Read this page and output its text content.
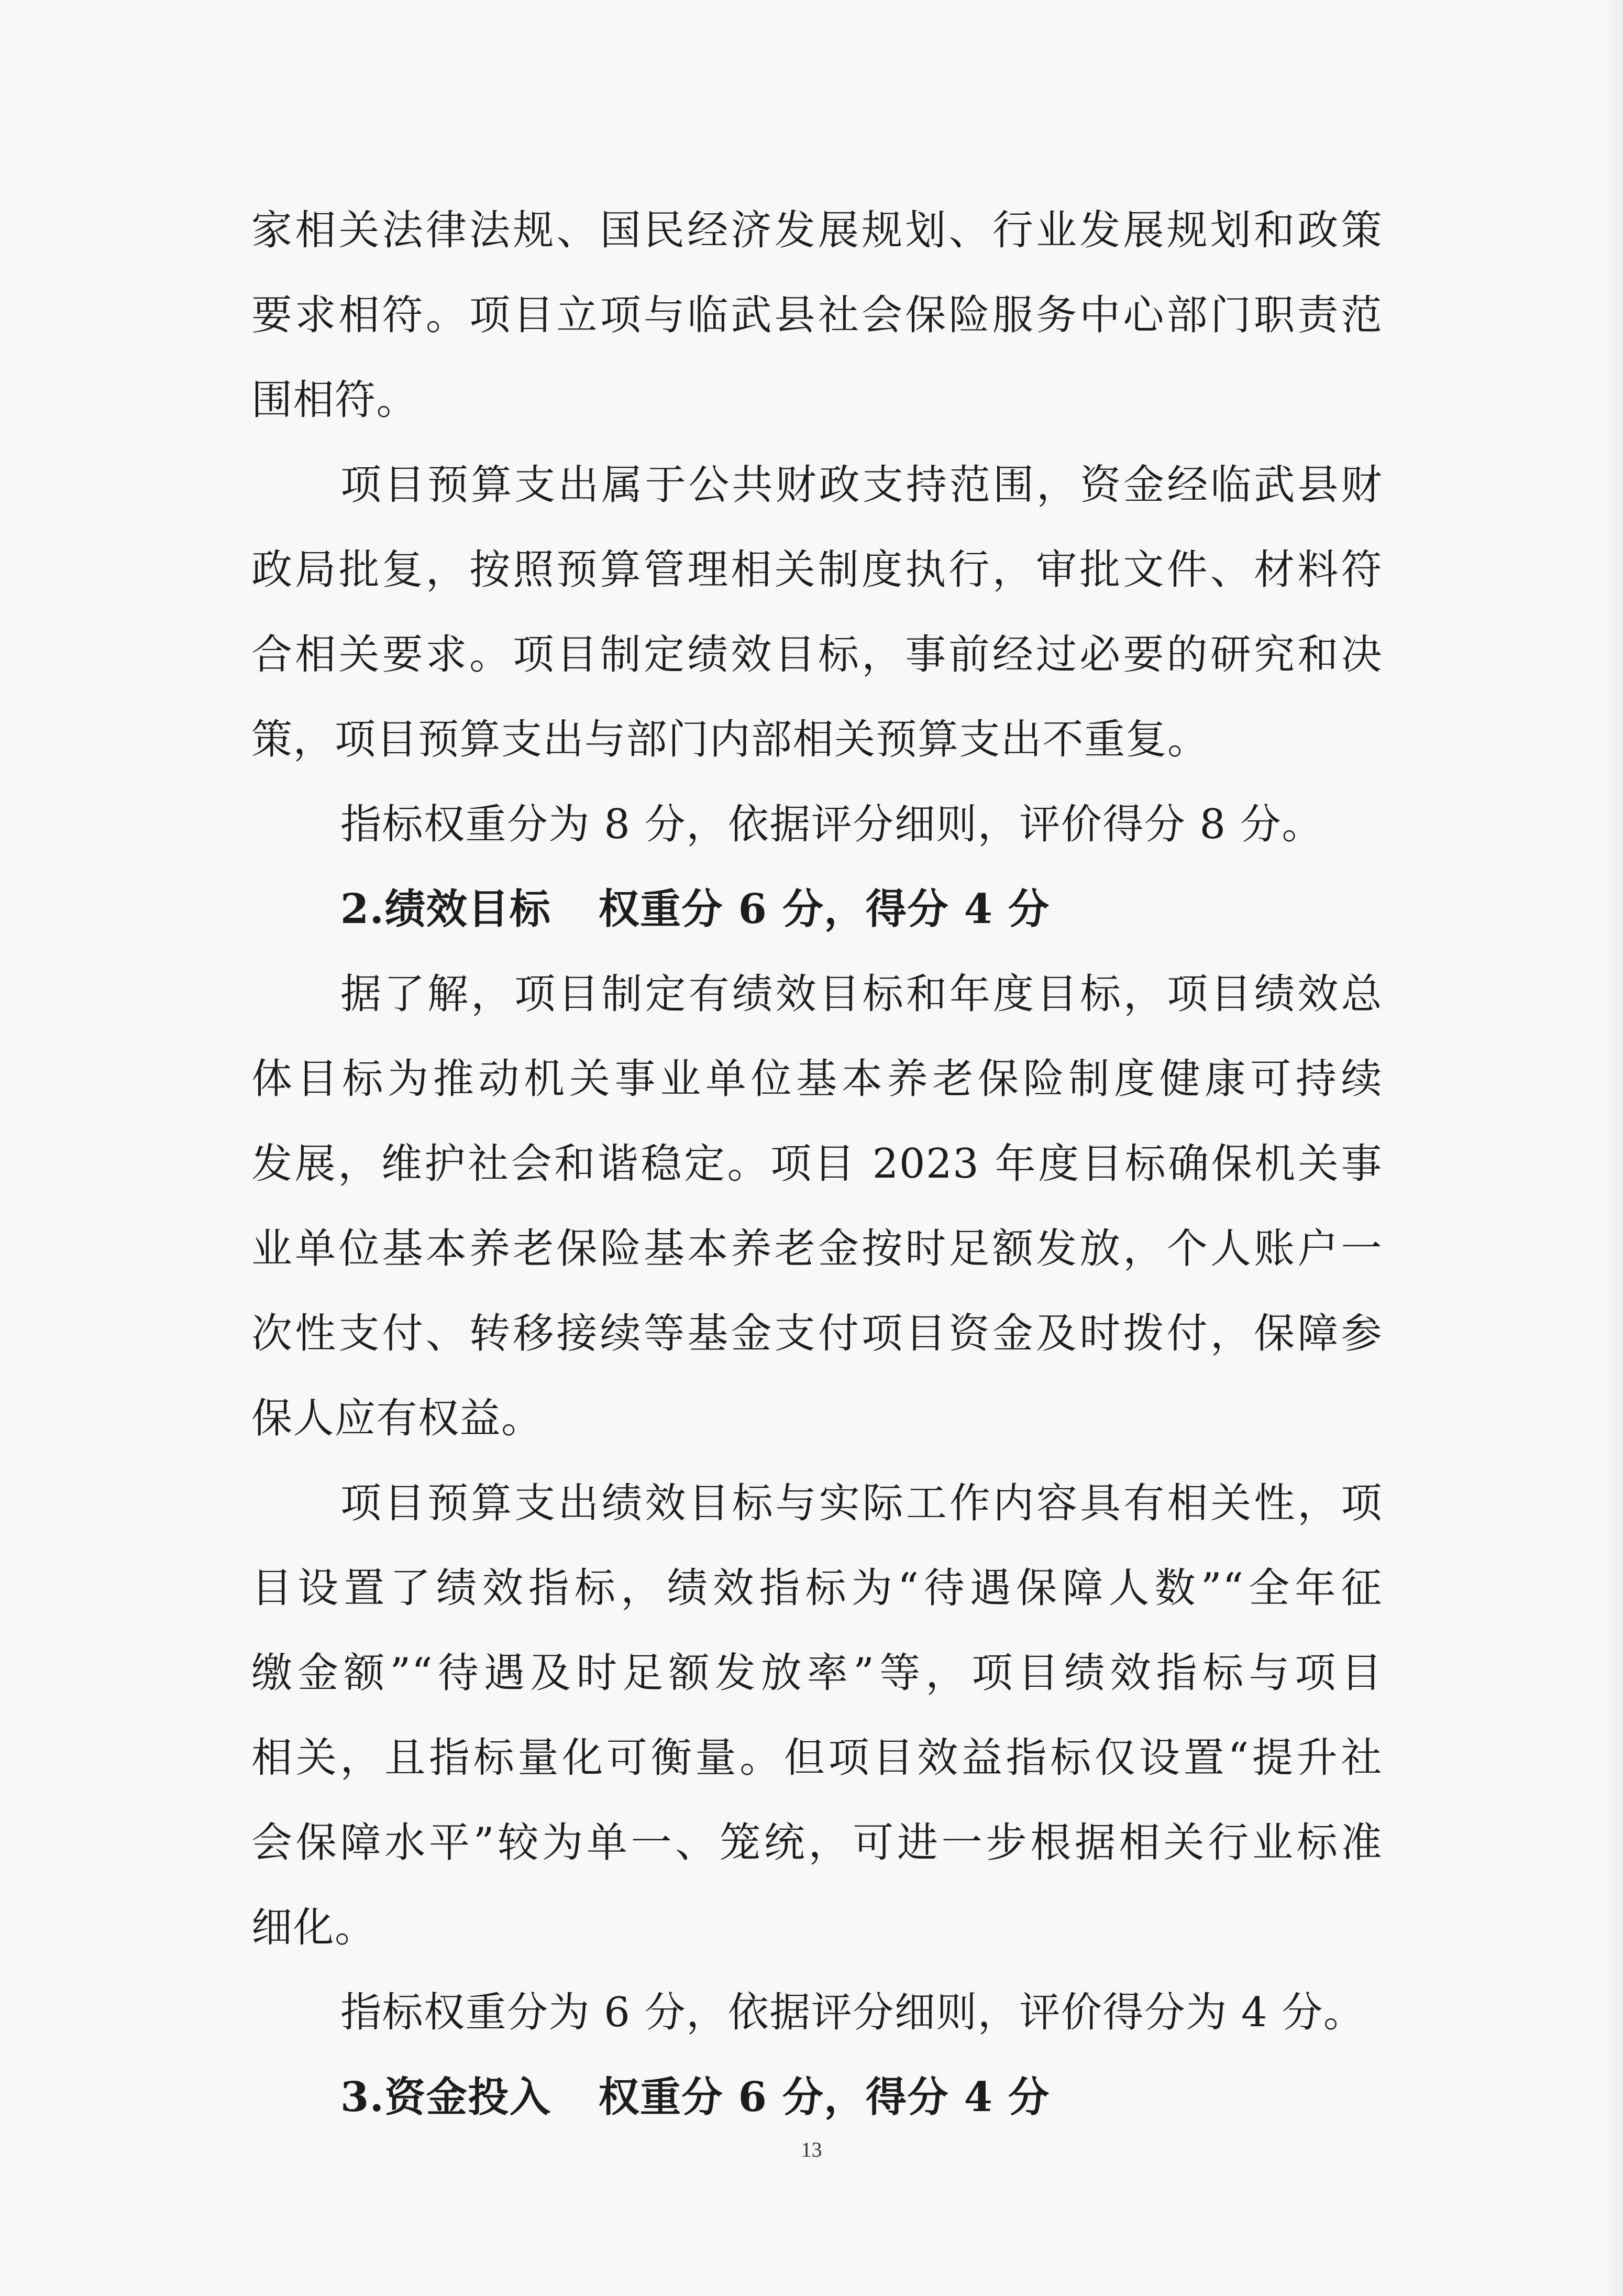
家相关法律法规、国民经济发展规划、行业发展规划和政策
要求相符。项目立项与临武县社会保险服务中心部门职责范
围相符。
项目预算支出属于公共财政支持范围，资金经临武县财
政局批复，按照预算管理相关制度执行，审批文件、材料符
合相关要求。项目制定绩效目标，事前经过必要的研究和决
策，项目预算支出与部门内部相关预算支出不重复。
指标权重分为 8 分，依据评分细则，评价得分 8 分。
2.绩效目标 权重分 6 分，得分 4 分
据了解，项目制定有绩效目标和年度目标，项目绩效总
体目标为推动机关事业单位基本养老保险制度健康可持续
发展，维护社会和谐稳定。项目 2023 年度目标确保机关事
业单位基本养老保险基本养老金按时足额发放，个人账户一
次性支付、转移接续等基金支付项目资金及时拨付，保障参
保人应有权益。
项目预算支出绩效目标与实际工作内容具有相关性，项
目设置了绩效指标，绩效指标为“待遇保障人数”“全年征
缴金额”“待遇及时足额发放率”等，项目绩效指标与项目
相关，且指标量化可衡量。但项目效益指标仅设置“提升社
会保障水平”较为单一、笼统，可进一步根据相关行业标准
细化。
指标权重分为 6 分，依据评分细则，评价得分为 4 分。
3.资金投入 权重分 6 分，得分 4 分
13
